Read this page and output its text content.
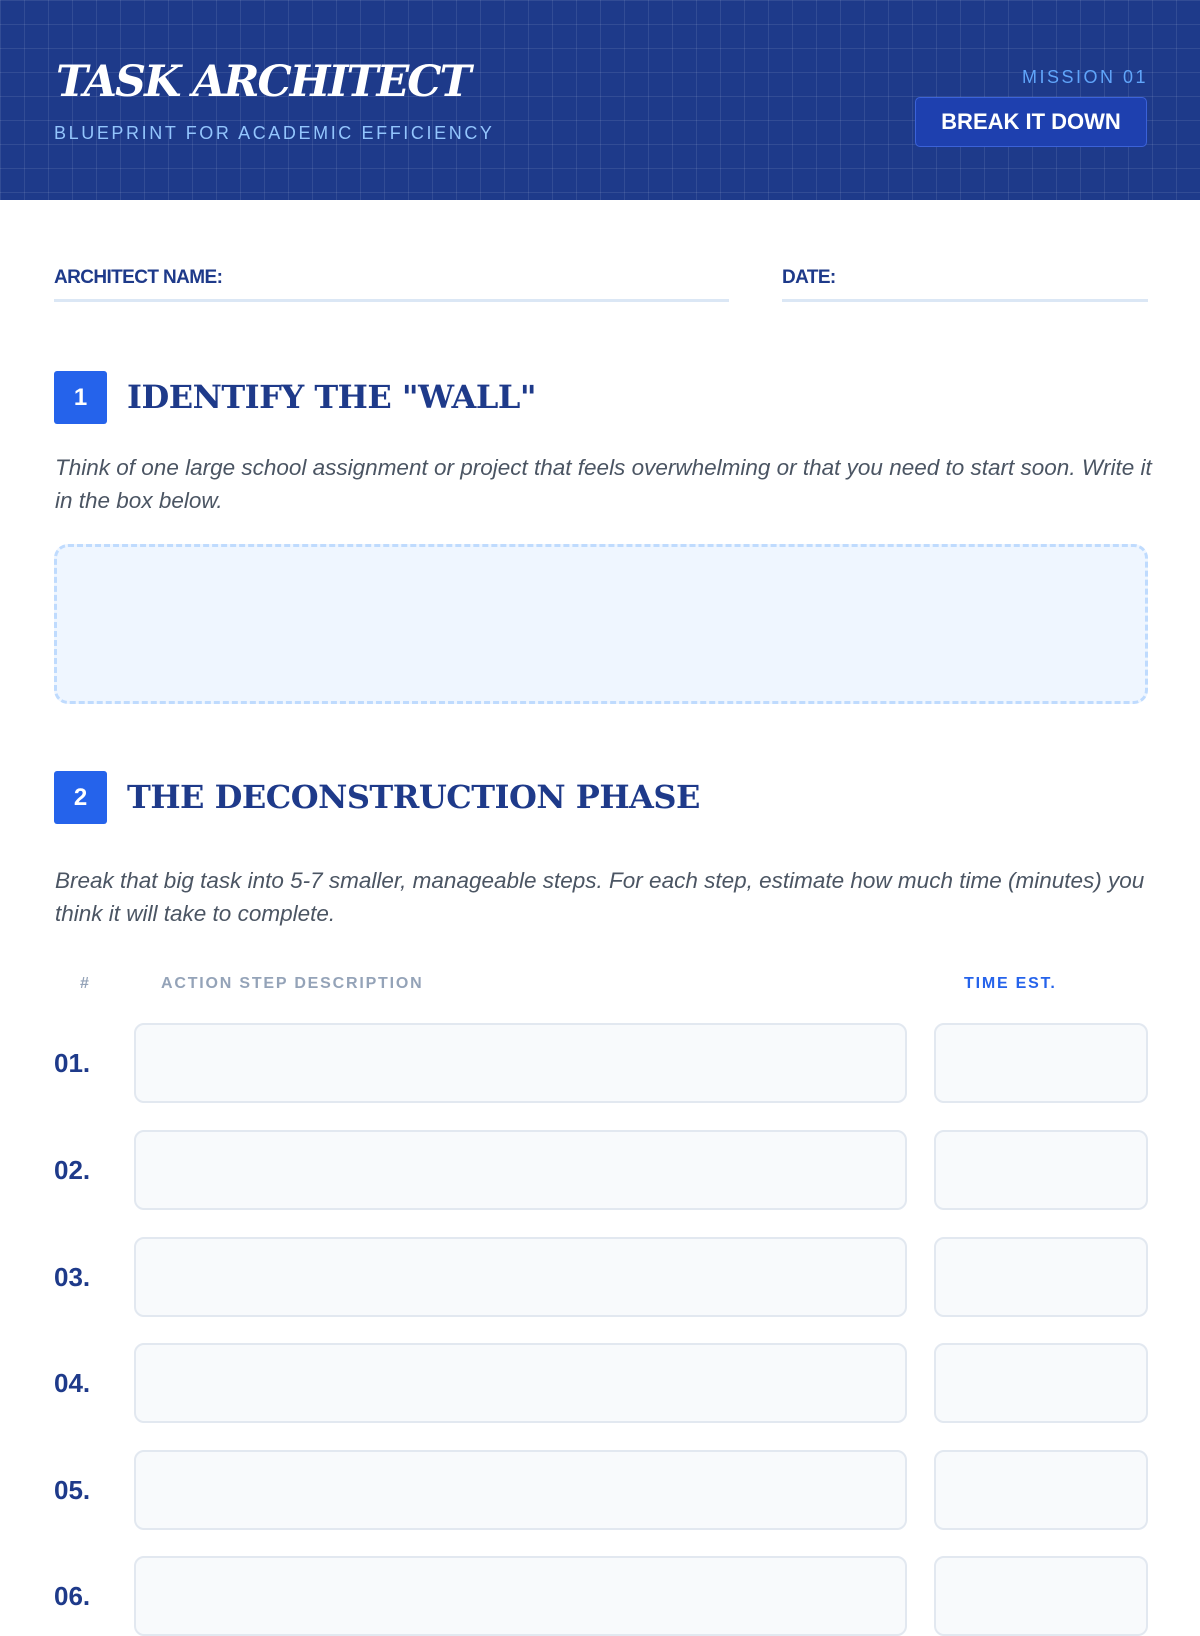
TASK ARCHITECT
BLUEPRINT FOR ACADEMIC EFFICIENCY
MISSION 01
BREAK IT DOWN
ARCHITECT NAME:	DATE:
1	IDENTIFY THE "WALL"

Think of one large school assignment or project that feels overwhelming or that you need to start soon. Write it in the box below.

2	THE DECONSTRUCTION PHASE

Break that big task into 5-7 smaller, manageable steps. For each step, estimate how much time (minutes) you think it will take to complete.

#	ACTION STEP DESCRIPTION	TIME EST.
01.
02.
03.
04.
05.
06.
